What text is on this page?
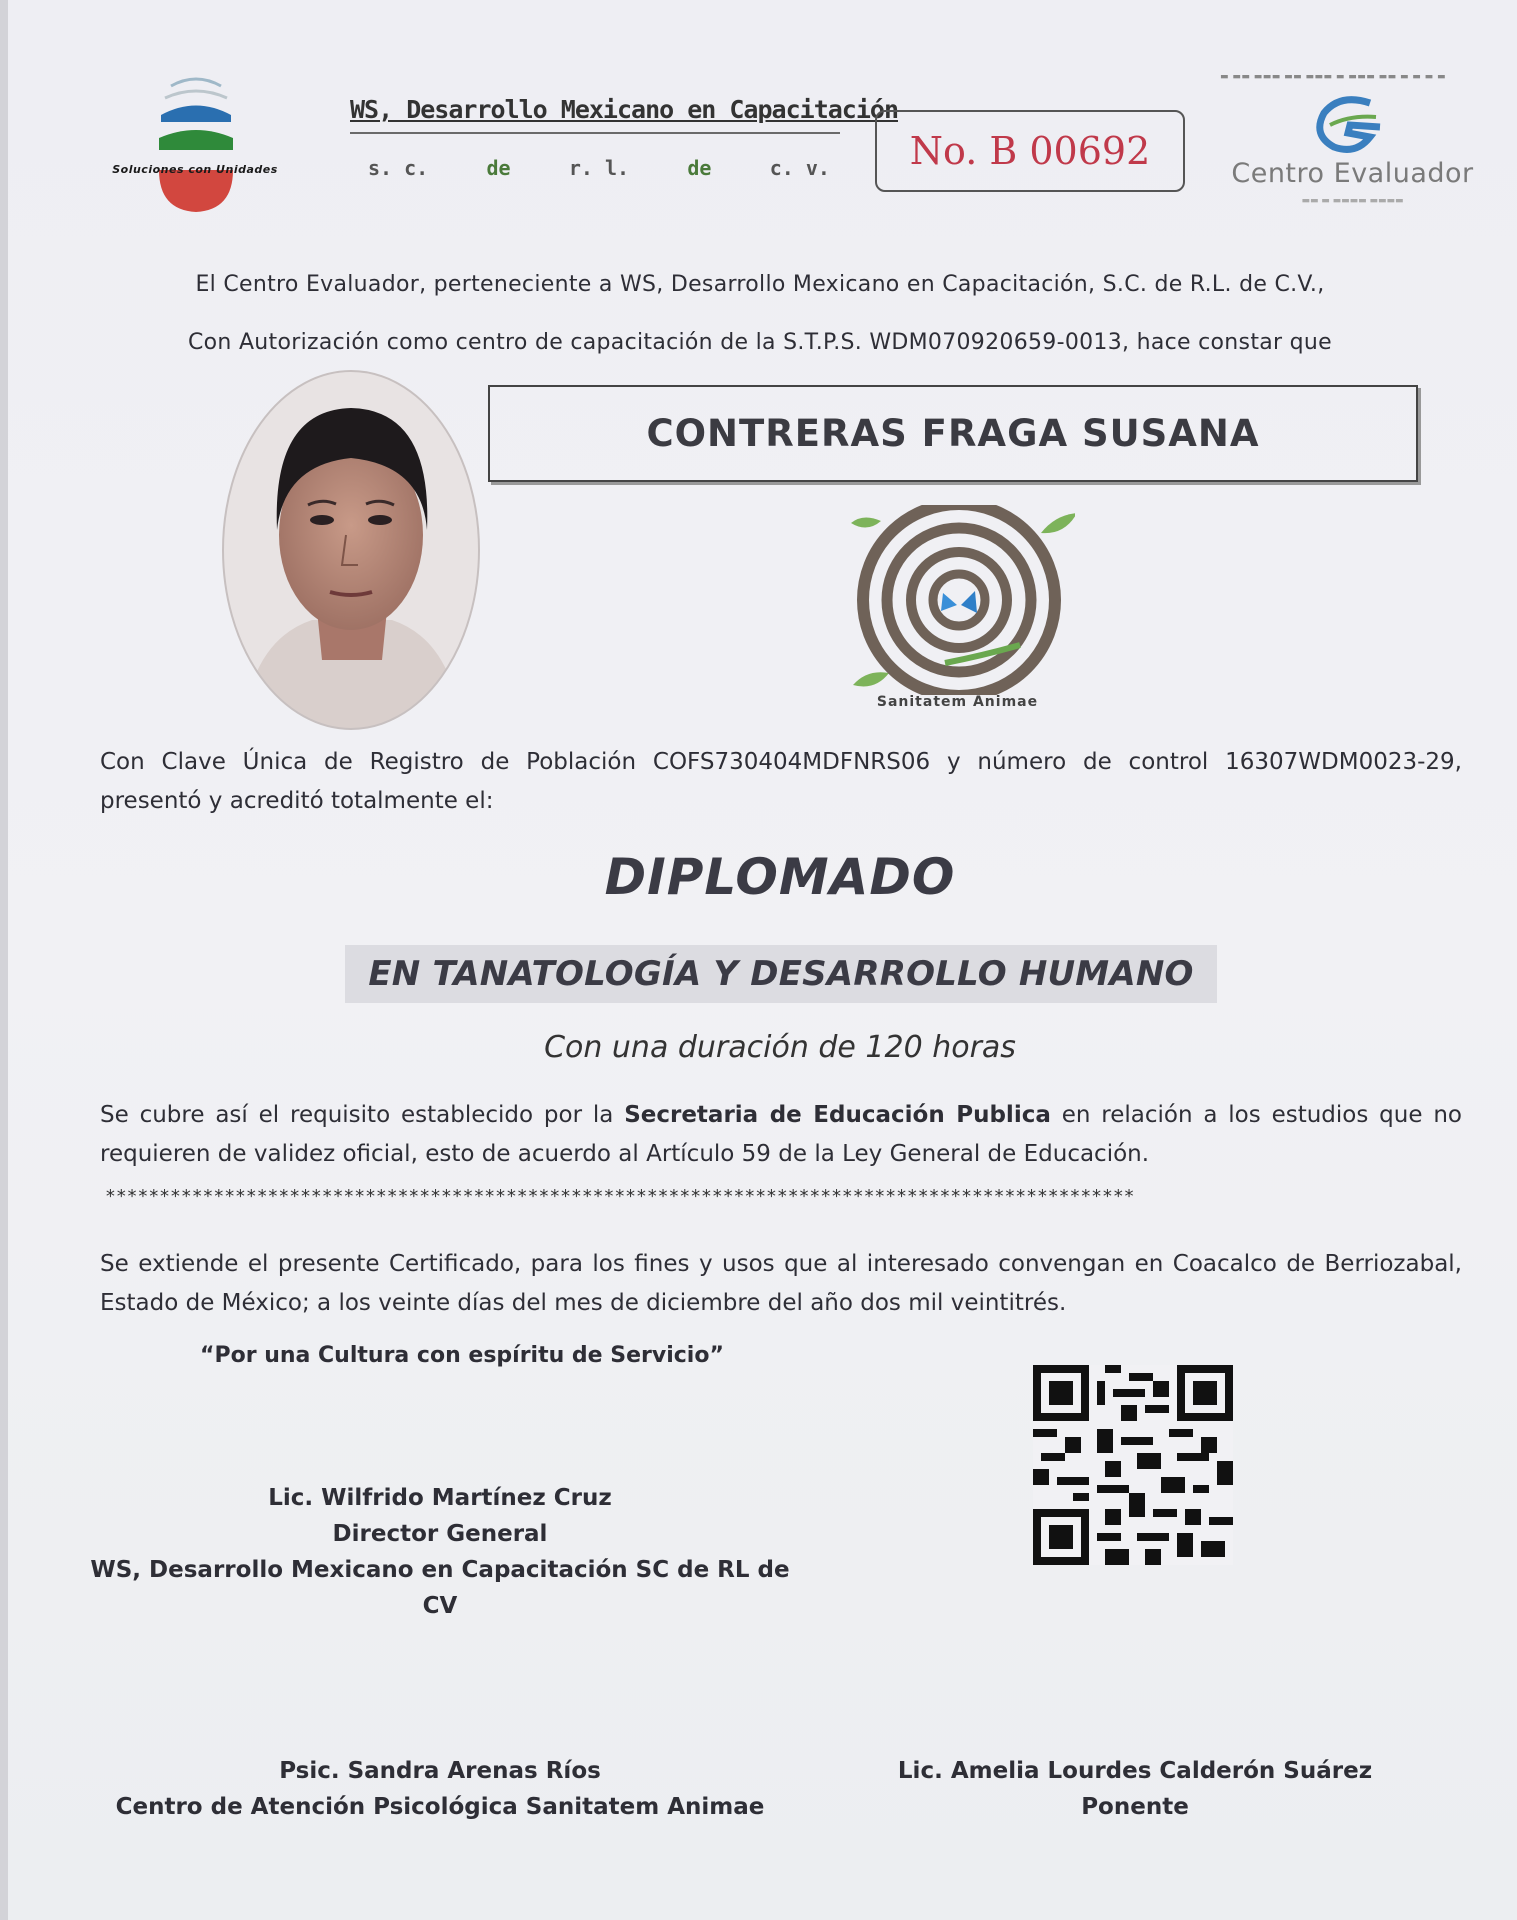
Soluciones con Unidades
WS, Desarrollo Mexicano en Capacitación
s. c.	de	r. l.	de	c. v.	No. B 00692
▬ ▬▬ ▬▬▬ ▬▬ ▬▬▬ ▬ ▬▬▬ ▬▬ ▬ ▬ ▬ ▬
Centro Evaluador
▬▬ ▬ ▬▬▬▬ ▬▬▬▬
El Centro Evaluador, perteneciente a WS, Desarrollo Mexicano en Capacitación, S.C. de R.L. de C.V.,
Con Autorización como centro de capacitación de la S.T.P.S. WDM070920659-0013, hace constar que
CONTRERAS FRAGA SUSANA
Sanitatem Animae
Con Clave Única de Registro de Población COFS730404MDFNRS06 y número de control 16307WDM0023-29,
presentó y acreditó totalmente el:
DIPLOMADO
EN TANATOLOGÍA Y DESARROLLO HUMANO
Con una duración de 120 horas
Se cubre así el requisito establecido por la Secretaria de Educación Publica en relación a los estudios que no
requieren de validez oficial, esto de acuerdo al Artículo 59 de la Ley General de Educación.
***********************************************************************************************
Se extiende el presente Certificado, para los fines y usos que al interesado convengan en Coacalco de Berriozabal,
Estado de México; a los veinte días del mes de diciembre del año dos mil veintitrés.
“Por una Cultura con espíritu de Servicio”
Lic. Wilfrido Martínez Cruz
Director General
WS, Desarrollo Mexicano en Capacitación SC de RL de CV
Psic. Sandra Arenas Ríos
Centro de Atención Psicológica Sanitatem Animae
Lic. Amelia Lourdes Calderón Suárez
Ponente
